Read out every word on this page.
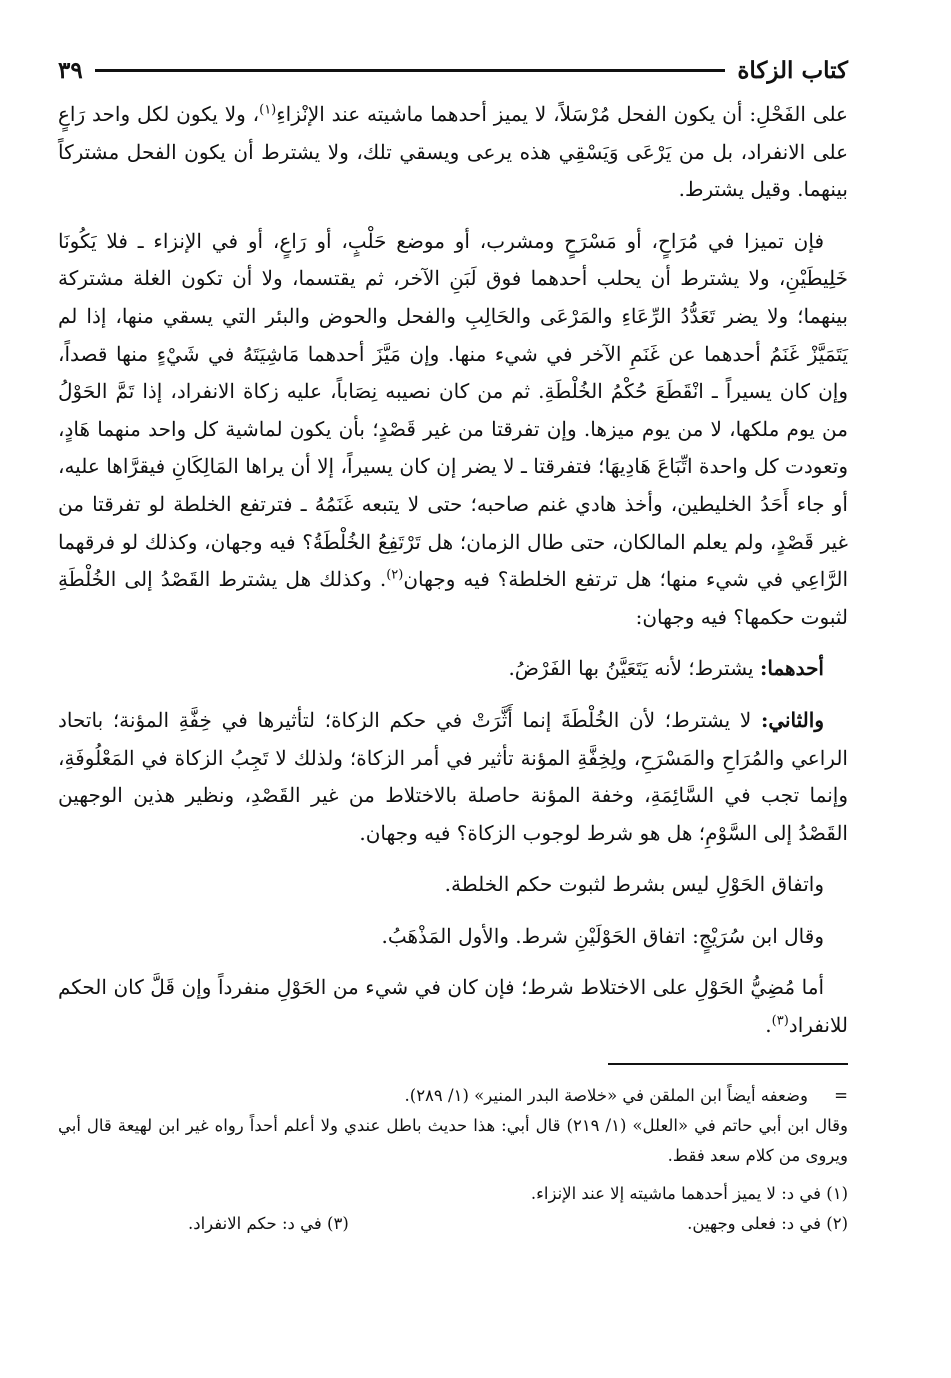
كتاب الزكاة
٣٩

على الفَحْلِ: أن يكون الفحل مُرْسَلاً، لا يميز أحدهما ماشيته عند الإنْزاءِ$^{(١)}$، ولا يكون لكل واحد رَاعٍ على الانفراد، بل من يَرْعَى وَيَسْقِي هذه يرعى ويسقي تلك، ولا يشترط أن يكون الفحل مشتركاً بينهما. وقيل يشترط.

فإن تميزا في مُرَاحٍ، أو مَسْرَحٍ ومشرب، أو موضع حَلْبٍ، أو رَاعٍ، أو في الإنزاء ـ فلا يَكُونَا خَلِيطَيْنِ، ولا يشترط أن يحلب أحدهما فوق لَبَنِ الآخر، ثم يقتسما، ولا أن تكون الغلة مشتركة بينهما؛ ولا يضر تَعَدُّدُ الرِّعَاءِ والمَرْعَى والحَالِبِ والفحل والحوض والبئر التي يسقي منها، إذا لم يَتَمَيَّزْ غَنَمُ أحدهما عن غَنَمِ الآخر في شيء منها. وإن مَيَّزَ أحدهما مَاشِيَتَهُ في شَيْءٍ منها قصداً، وإن كان يسيراً ـ انْقَطَعَ حُكْمُ الخُلْطَةِ. ثم من كان نصيبه نِصَاباً، عليه زكاة الانفراد، إذا تَمَّ الحَوْلُ من يوم ملكها، لا من يوم ميزها. وإن تفرقتا من غير قَصْدٍ؛ بأن يكون لماشية كل واحد منهما هَادٍ، وتعودت كل واحدة اتِّبَاعَ هَادِيهَا؛ فتفرقتا ـ لا يضر إن كان يسيراً، إلا أن يراها المَالِكَانِ فيقرَّاها عليه، أو جاء أَحَدُ الخليطين، وأخذ هادي غنم صاحبه؛ حتى لا يتبعه غَنَمُهُ ـ فترتفع الخلطة لو تفرقتا من غير قَصْدٍ، ولم يعلم المالكان، حتى طال الزمان؛ هل تَرْتَفِعُ الخُلْطَةُ؟ فيه وجهان، وكذلك لو فرقهما الرَّاعِي في شيء منها؛ هل ترتفع الخلطة؟ فيه وجهان$^{(٢)}$. وكذلك هل يشترط القَصْدُ إلى الخُلْطَةِ لثبوت حكمها؟ فيه وجهان:

أحدهما: يشترط؛ لأنه يَتَعَيَّنُ بها الفَرْضُ.

والثاني: لا يشترط؛ لأن الخُلْطَةَ إنما أَثَّرَتْ في حكم الزكاة؛ لتأثيرها في خِفَّةِ المؤنة؛ باتحاد الراعي والمُرَاحِ والمَسْرَحِ، ولِخِفَّةِ المؤنة تأثير في أمر الزكاة؛ ولذلك لا تَجِبُ الزكاة في المَعْلُوفَةِ، وإنما تجب في السَّائِمَةِ، وخفة المؤنة حاصلة بالاختلاط من غير القَصْدِ، ونظير هذين الوجهين القَصْدُ إلى السَّوْمِ؛ هل هو شرط لوجوب الزكاة؟ فيه وجهان.

واتفاق الحَوْلِ ليس بشرط لثبوت حكم الخلطة.

وقال ابن سُرَيْجٍ: اتفاق الحَوْلَيْنِ شرط. والأول المَذْهَبُ.

أما مُضِيُّ الحَوْلِ على الاختلاط شرط؛ فإن كان في شيء من الحَوْلِ منفرداً وإن قَلَّ كان الحكم للانفراد$^{(٣)}$.

=     وضعفه أيضاً ابن الملقن في «خلاصة البدر المنير» (١/ ٢٨٩).

وقال ابن أبي حاتم في «العلل» (١/ ٢١٩) قال أبي: هذا حديث باطل عندي ولا أعلم أحداً رواه غير ابن لهيعة قال أبي ويروى من كلام سعد فقط.

(١) في د: لا يميز أحدهما ماشيته إلا عند الإنزاء.

(٢) في د: فعلى وجهين.
(٣) في د: حكم الانفراد.
